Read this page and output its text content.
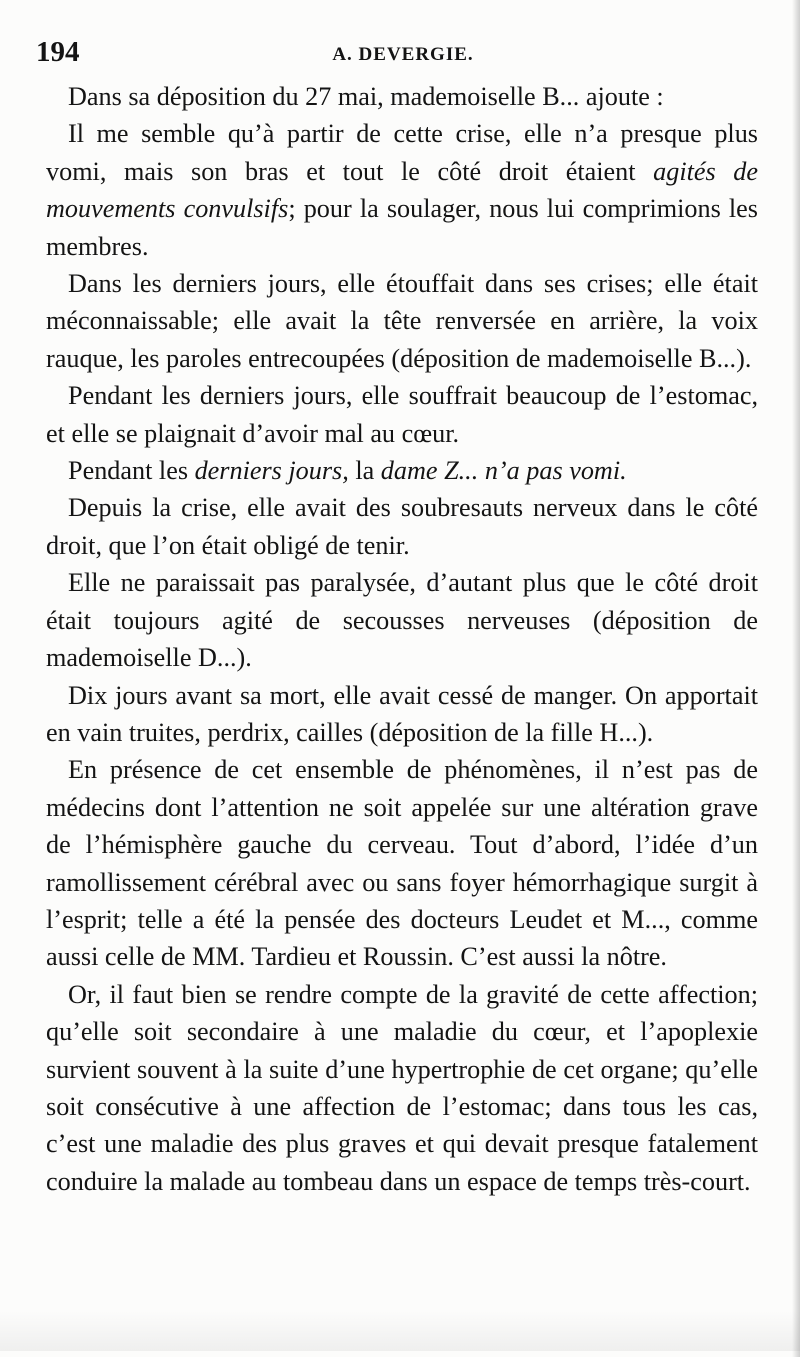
194	A. DEVERGIE.

Dans sa déposition du 27 mai, mademoiselle B... ajoute :

Il me semble qu’à partir de cette crise, elle n’a presque plus vomi, mais son bras et tout le côté droit étaient agités de mouvements convulsifs; pour la soulager, nous lui comprimions les membres.

Dans les derniers jours, elle étouffait dans ses crises; elle était méconnaissable; elle avait la tête renversée en arrière, la voix rauque, les paroles entrecoupées (déposition de mademoiselle B...).

Pendant les derniers jours, elle souffrait beaucoup de l’estomac, et elle se plaignait d’avoir mal au cœur.

Pendant les derniers jours, la dame Z... n’a pas vomi.

Depuis la crise, elle avait des soubresauts nerveux dans le côté droit, que l’on était obligé de tenir.

Elle ne paraissait pas paralysée, d’autant plus que le côté droit était toujours agité de secousses nerveuses (déposition de mademoiselle D...).

Dix jours avant sa mort, elle avait cessé de manger. On apportait en vain truites, perdrix, cailles (déposition de la fille H...).

En présence de cet ensemble de phénomènes, il n’est pas de médecins dont l’attention ne soit appelée sur une altération grave de l’hémisphère gauche du cerveau. Tout d’abord, l’idée d’un ramollissement cérébral avec ou sans foyer hémorrhagique surgit à l’esprit; telle a été la pensée des docteurs Leudet et M..., comme aussi celle de MM. Tardieu et Roussin. C’est aussi la nôtre.

Or, il faut bien se rendre compte de la gravité de cette affection; qu’elle soit secondaire à une maladie du cœur, et l’apoplexie survient souvent à la suite d’une hypertrophie de cet organe; qu’elle soit consécutive à une affection de l’estomac; dans tous les cas, c’est une maladie des plus graves et qui devait presque fatalement conduire la malade au tombeau dans un espace de temps très-court.
